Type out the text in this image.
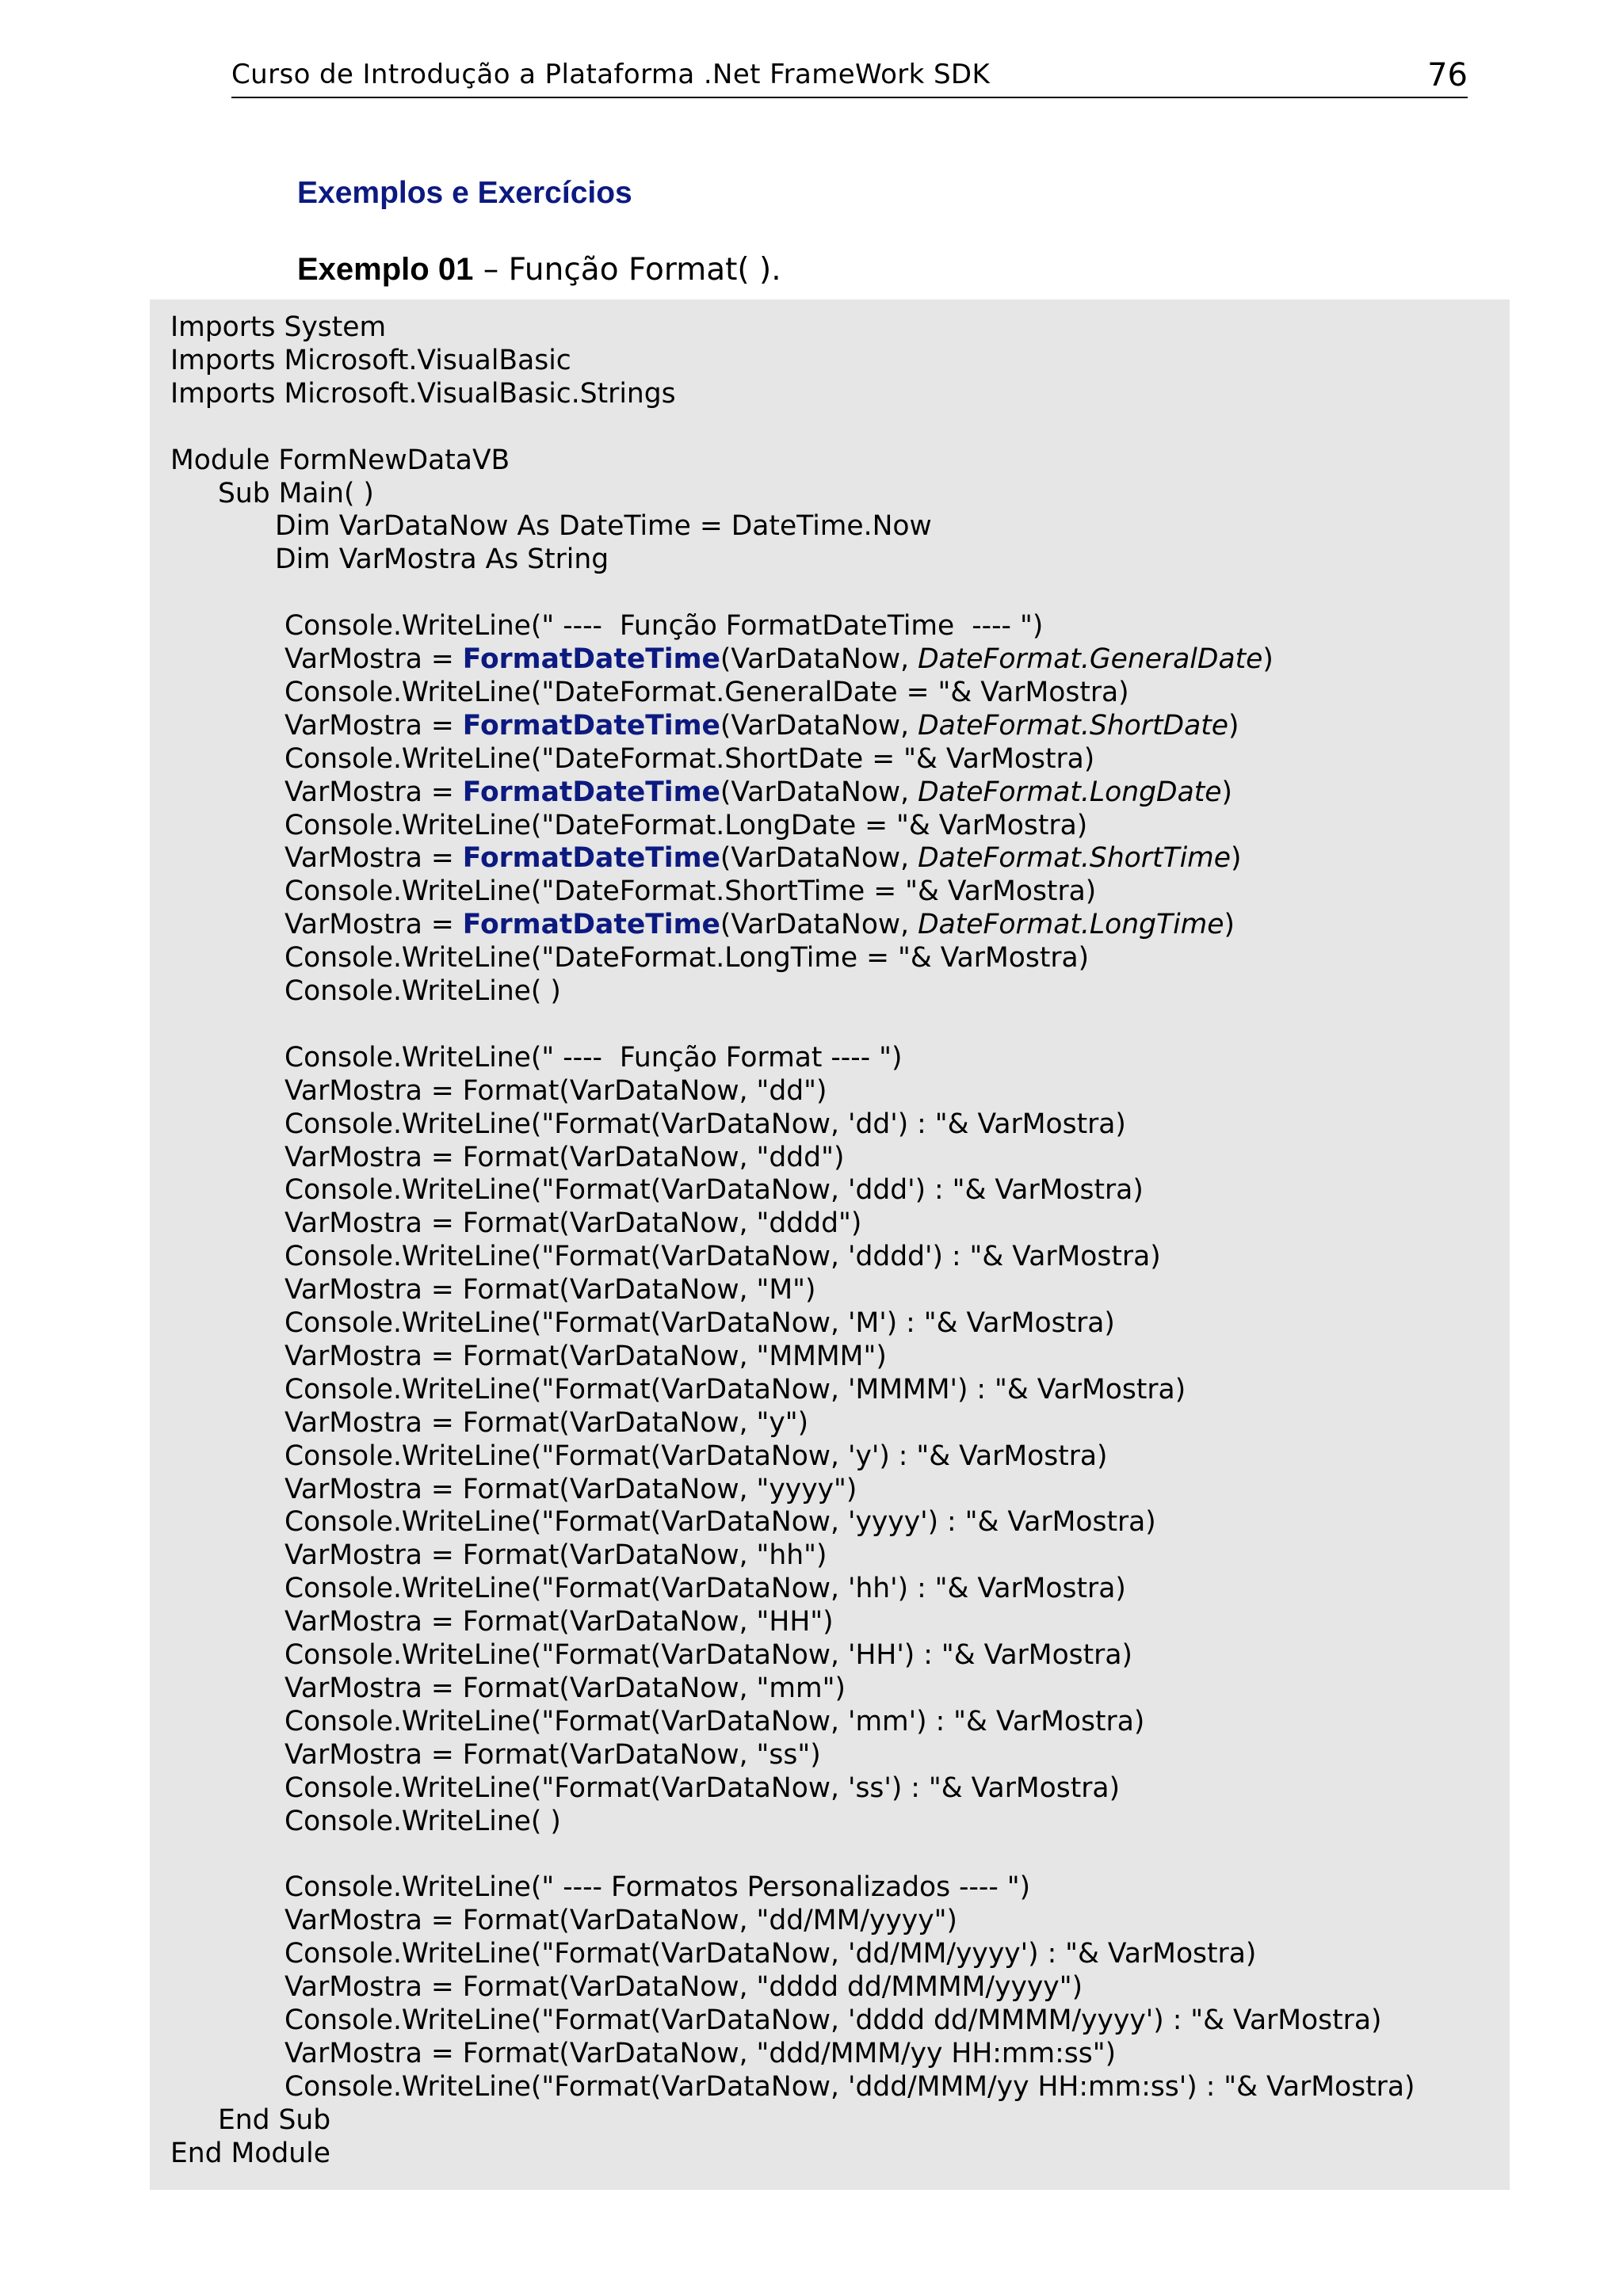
Curso de Introdução a Plataforma .Net FrameWork SDK	76
Exemplos e Exercícios
Exemplo 01 – Função Format( ).
Imports System
Imports Microsoft.VisualBasic
Imports Microsoft.VisualBasic.Strings
Module FormNewDataVB
Sub Main( )
Dim VarDataNow As DateTime = DateTime.Now
Dim VarMostra As String
Console.WriteLine(" ----  Função FormatDateTime  ---- ")
VarMostra = FormatDateTime(VarDataNow, DateFormat.GeneralDate)
Console.WriteLine("DateFormat.GeneralDate = "& VarMostra)
VarMostra = FormatDateTime(VarDataNow, DateFormat.ShortDate)
Console.WriteLine("DateFormat.ShortDate = "& VarMostra)
VarMostra = FormatDateTime(VarDataNow, DateFormat.LongDate)
Console.WriteLine("DateFormat.LongDate = "& VarMostra)
VarMostra = FormatDateTime(VarDataNow, DateFormat.ShortTime)
Console.WriteLine("DateFormat.ShortTime = "& VarMostra)
VarMostra = FormatDateTime(VarDataNow, DateFormat.LongTime)
Console.WriteLine("DateFormat.LongTime = "& VarMostra)
Console.WriteLine( )
Console.WriteLine(" ----  Função Format ---- ")
VarMostra = Format(VarDataNow, "dd")
Console.WriteLine("Format(VarDataNow, 'dd') : "& VarMostra)
VarMostra = Format(VarDataNow, "ddd")
Console.WriteLine("Format(VarDataNow, 'ddd') : "& VarMostra)
VarMostra = Format(VarDataNow, "dddd")
Console.WriteLine("Format(VarDataNow, 'dddd') : "& VarMostra)
VarMostra = Format(VarDataNow, "M")
Console.WriteLine("Format(VarDataNow, 'M') : "& VarMostra)
VarMostra = Format(VarDataNow, "MMMM")
Console.WriteLine("Format(VarDataNow, 'MMMM') : "& VarMostra)
VarMostra = Format(VarDataNow, "y")
Console.WriteLine("Format(VarDataNow, 'y') : "& VarMostra)
VarMostra = Format(VarDataNow, "yyyy")
Console.WriteLine("Format(VarDataNow, 'yyyy') : "& VarMostra)
VarMostra = Format(VarDataNow, "hh")
Console.WriteLine("Format(VarDataNow, 'hh') : "& VarMostra)
VarMostra = Format(VarDataNow, "HH")
Console.WriteLine("Format(VarDataNow, 'HH') : "& VarMostra)
VarMostra = Format(VarDataNow, "mm")
Console.WriteLine("Format(VarDataNow, 'mm') : "& VarMostra)
VarMostra = Format(VarDataNow, "ss")
Console.WriteLine("Format(VarDataNow, 'ss') : "& VarMostra)
Console.WriteLine( )
Console.WriteLine(" ---- Formatos Personalizados ---- ")
VarMostra = Format(VarDataNow, "dd/MM/yyyy")
Console.WriteLine("Format(VarDataNow, 'dd/MM/yyyy') : "& VarMostra)
VarMostra = Format(VarDataNow, "dddd dd/MMMM/yyyy")
Console.WriteLine("Format(VarDataNow, 'dddd dd/MMMM/yyyy') : "& VarMostra)
VarMostra = Format(VarDataNow, "ddd/MMM/yy HH:mm:ss")
Console.WriteLine("Format(VarDataNow, 'ddd/MMM/yy HH:mm:ss') : "& VarMostra)
End Sub
End Module
